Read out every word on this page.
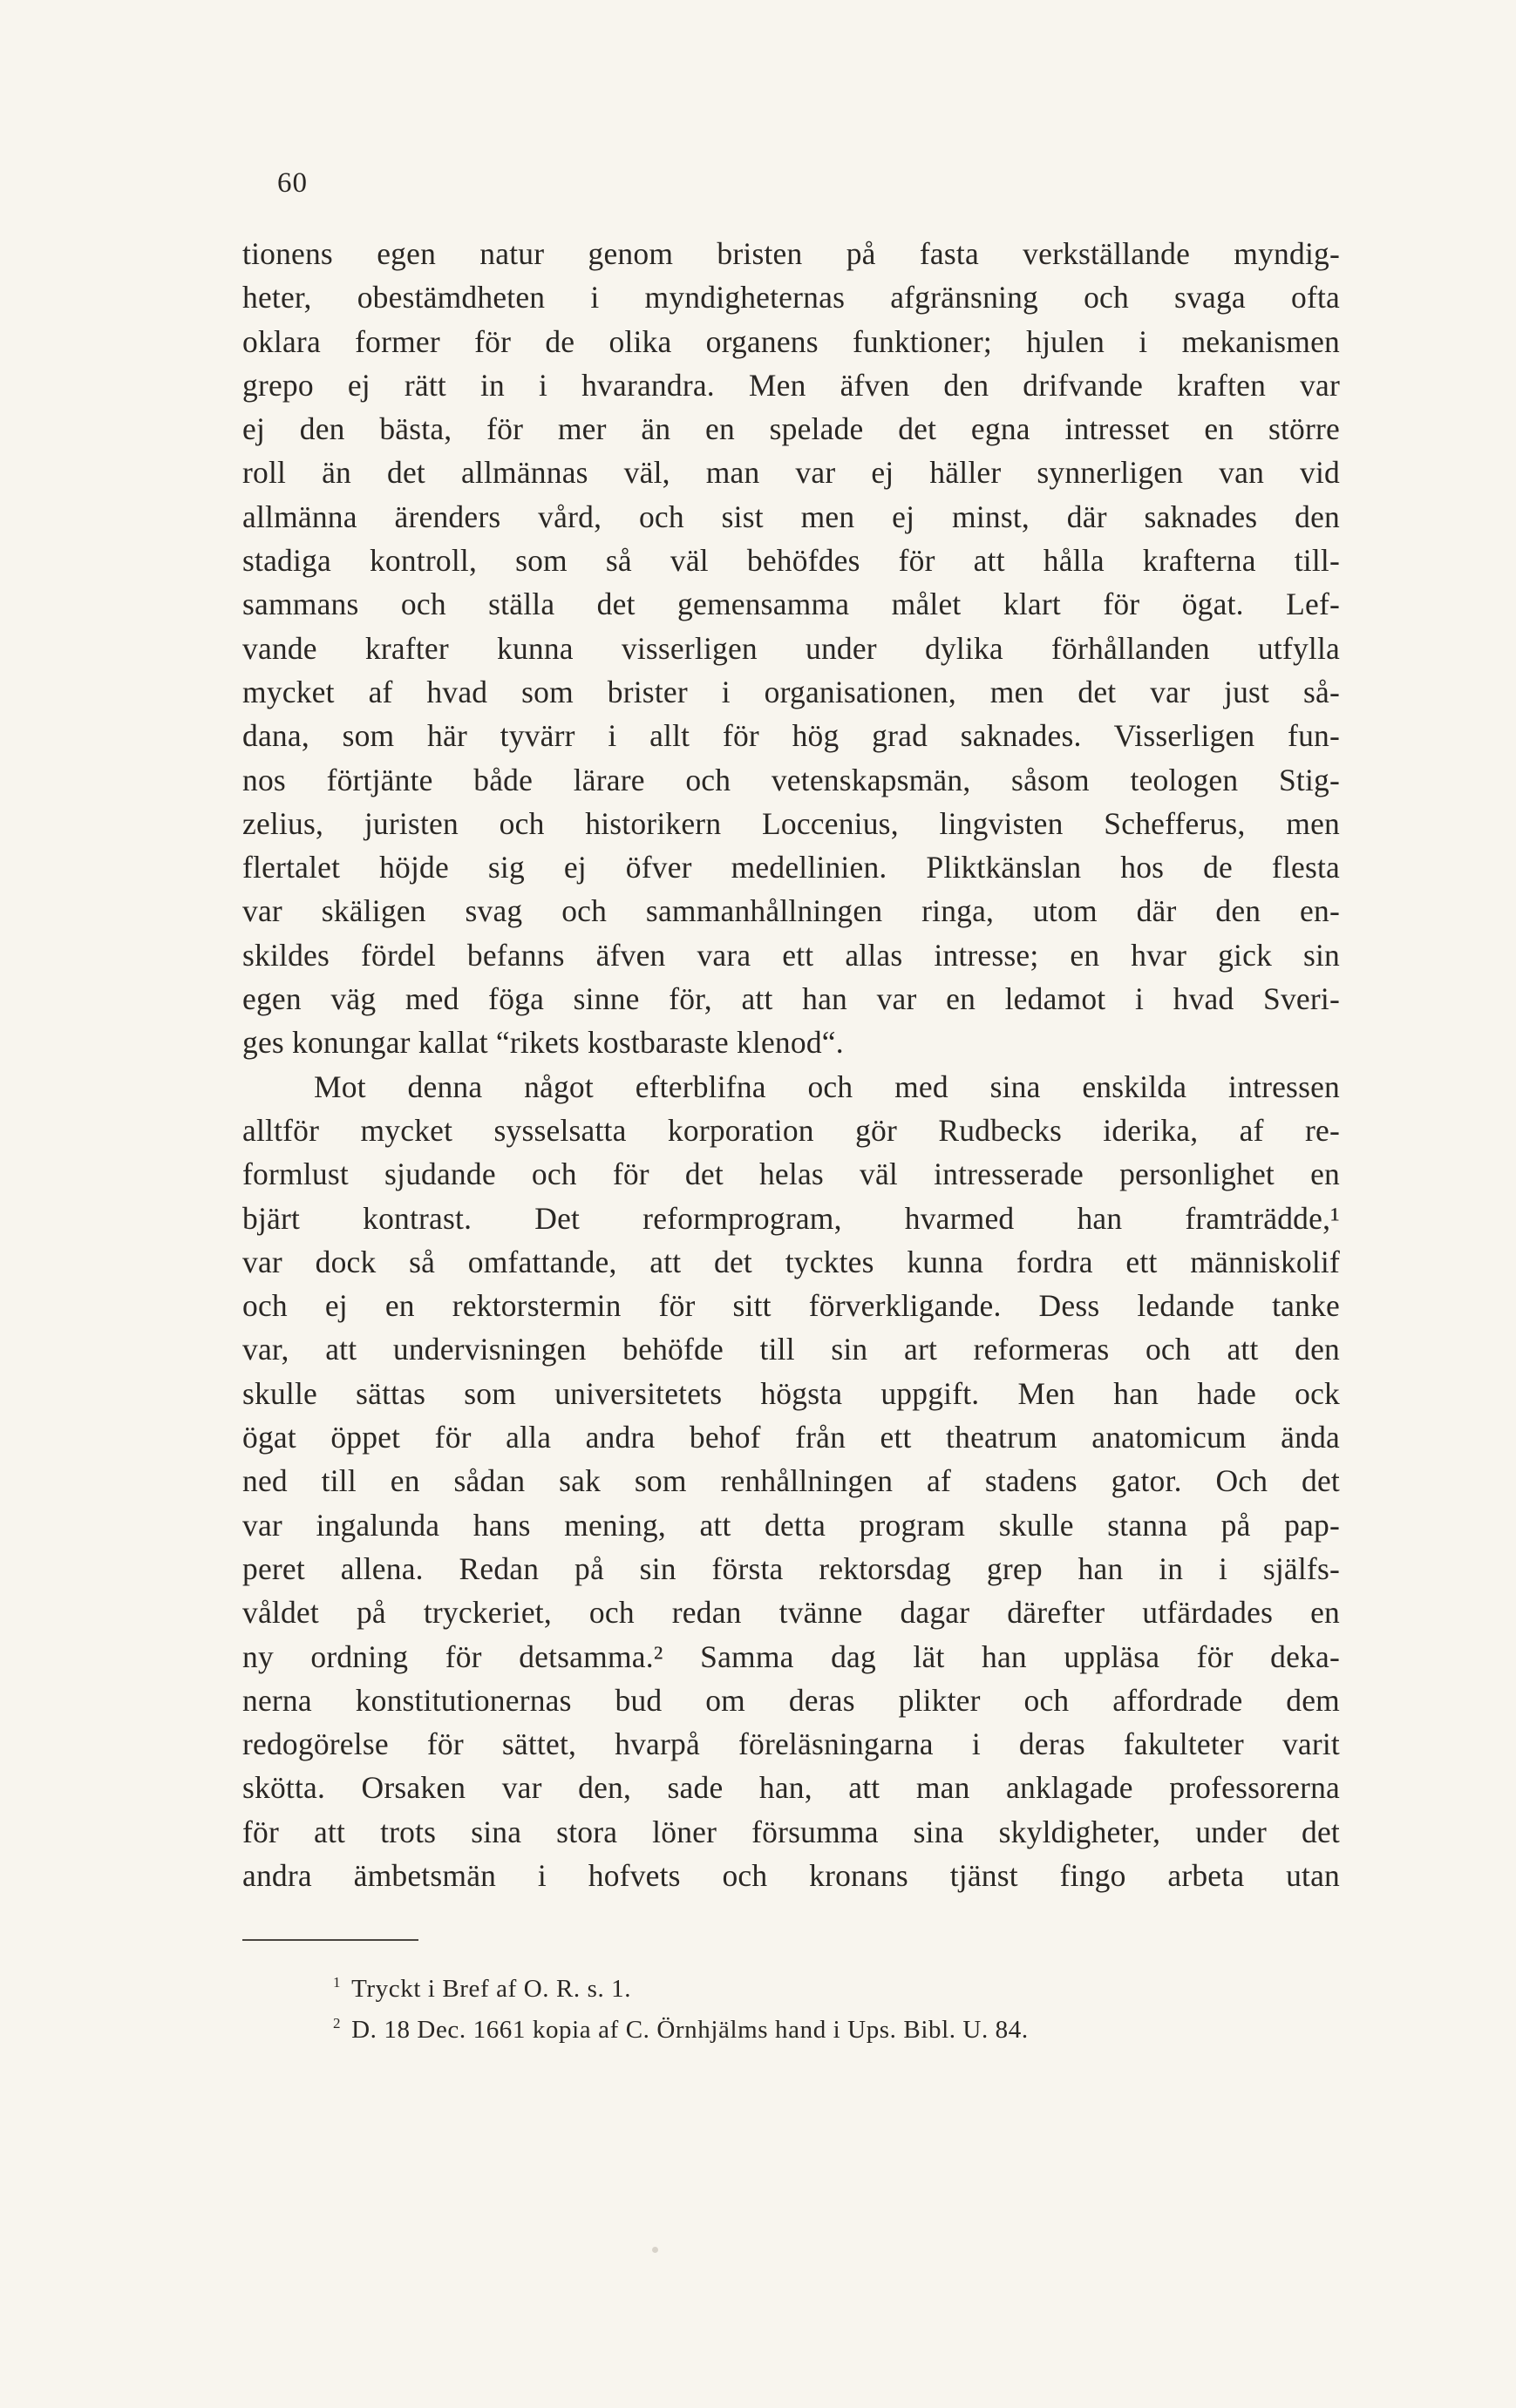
60
tionens egen natur genom bristen på fasta verkställande myndig-
heter, obestämdheten i myndigheternas afgränsning och svaga ofta
oklara former för de olika organens funktioner; hjulen i mekanismen
grepo ej rätt in i hvarandra. Men äfven den drifvande kraften var
ej den bästa, för mer än en spelade det egna intresset en större
roll än det allmännas väl, man var ej häller synnerligen van vid
allmänna ärenders vård, och sist men ej minst, där saknades den
stadiga kontroll, som så väl behöfdes för att hålla krafterna till-
sammans och ställa det gemensamma målet klart för ögat. Lef-
vande krafter kunna visserligen under dylika förhållanden utfylla
mycket af hvad som brister i organisationen, men det var just så-
dana, som här tyvärr i allt för hög grad saknades. Visserligen fun-
nos förtjänte både lärare och vetenskapsmän, såsom teologen Stig-
zelius, juristen och historikern Loccenius, lingvisten Schefferus, men
flertalet höjde sig ej öfver medellinien. Pliktkänslan hos de flesta
var skäligen svag och sammanhållningen ringa, utom där den en-
skildes fördel befanns äfven vara ett allas intresse; en hvar gick sin
egen väg med föga sinne för, att han var en ledamot i hvad Sveri-
ges konungar kallat “rikets kostbaraste klenod“.
Mot denna något efterblifna och med sina enskilda intressen
alltför mycket sysselsatta korporation gör Rudbecks iderika, af re-
formlust sjudande och för det helas väl intresserade personlighet en
bjärt kontrast. Det reformprogram, hvarmed han framträdde,¹
var dock så omfattande, att det tycktes kunna fordra ett människolif
och ej en rektorstermin för sitt förverkligande. Dess ledande tanke
var, att undervisningen behöfde till sin art reformeras och att den
skulle sättas som universitetets högsta uppgift. Men han hade ock
ögat öppet för alla andra behof från ett theatrum anatomicum ända
ned till en sådan sak som renhållningen af stadens gator. Och det
var ingalunda hans mening, att detta program skulle stanna på pap-
peret allena. Redan på sin första rektorsdag grep han in i själfs-
våldet på tryckeriet, och redan tvänne dagar därefter utfärdades en
ny ordning för detsamma.² Samma dag lät han uppläsa för deka-
nerna konstitutionernas bud om deras plikter och affordrade dem
redogörelse för sättet, hvarpå föreläsningarna i deras fakulteter varit
skötta. Orsaken var den, sade han, att man anklagade professorerna
för att trots sina stora löner försumma sina skyldigheter, under det
andra ämbetsmän i hofvets och kronans tjänst fingo arbeta utan
$^1$ Tryckt i Bref af O. R. s. 1.
$^2$ D. 18 Dec. 1661 kopia af C. Örnhjälms hand i Ups. Bibl. U. 84.
